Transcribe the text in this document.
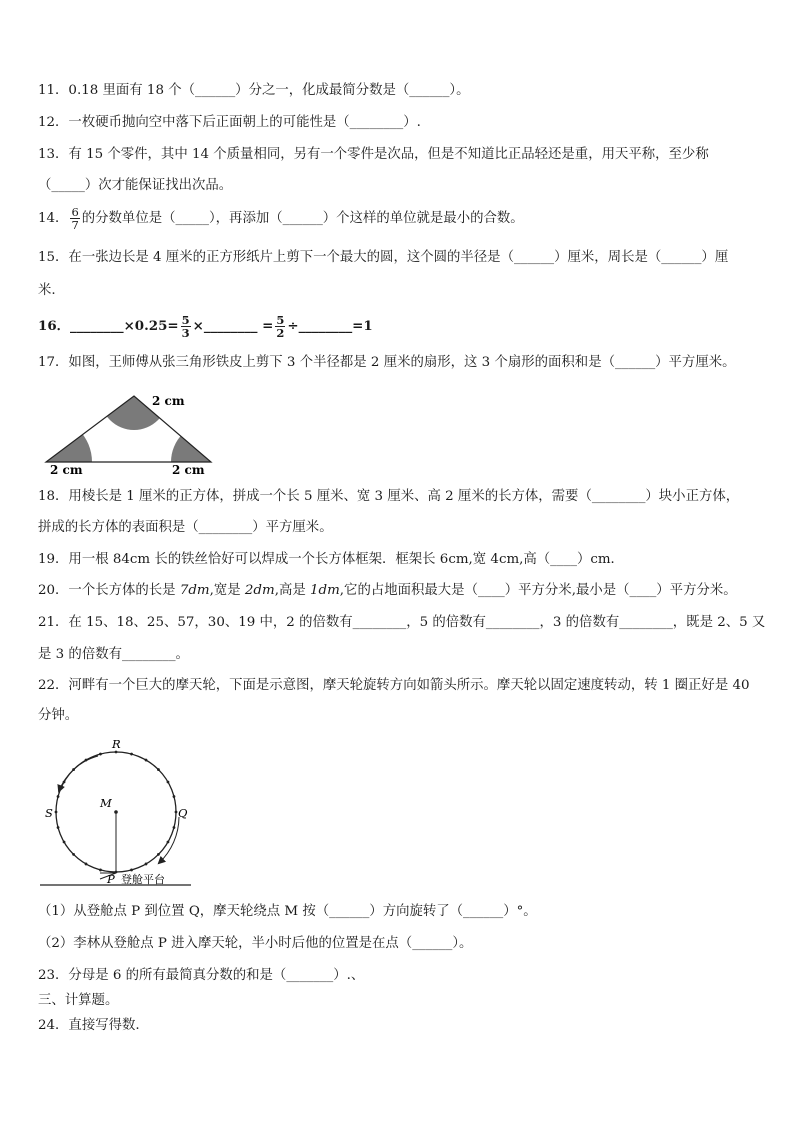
11．0.18 里面有 18 个（______）分之一，化成最简分数是（______）。
12．一枚硬币抛向空中落下后正面朝上的可能性是（________）.
13．有 15 个零件，其中 14 个质量相同，另有一个零件是次品，但是不知道比正品轻还是重，用天平称，至少称
（_____）次才能保证找出次品。
14． $\frac{6}{7}$ 的分数单位是（_____），再添加（______）个这样的单位就是最小的合数。
15．在一张边长是 4 厘米的正方形纸片上剪下一个最大的圆，这个圆的半径是（______）厘米，周长是（______）厘
米.
16．________×0.25= $\frac{5}{3}$ ×________ = $\frac{5}{2}$ ÷________=1
17．如图，王师傅从张三角形铁皮上剪下 3 个半径都是 2 厘米的扇形，这 3 个扇形的面积和是（______）平方厘米。
2 cm
2 cm	2 cm
18．用棱长是 1 厘米的正方体，拼成一个长 5 厘米、宽 3 厘米、高 2 厘米的长方体，需要（________）块小正方体，
拼成的长方体的表面积是（________）平方厘米。
19．用一根 84cm 长的铁丝恰好可以焊成一个长方体框架．框架长 6cm,宽 4cm,高（____）cm．
20．一个长方体的长是 7dm,宽是 2dm,高是 1dm,它的占地面积最大是（____）平方分米,最小是（____）平方分米。
21．在 15、18、25、57，30、19 中，2 的倍数有________，5 的倍数有________，3 的倍数有________，既是 2、5 又
是 3 的倍数有________。
22．河畔有一个巨大的摩天轮，下面是示意图，摩天轮旋转方向如箭头所示。摩天轮以固定速度转动，转 1 圈正好是 40
分钟。
R
S	Q
M
P 登舱平台
（1）从登舱点 P 到位置 Q，摩天轮绕点 M 按（______）方向旋转了（______）°。
（2）李林从登舱点 P 进入摩天轮，半小时后他的位置是在点（______）。
23．分母是 6 的所有最简真分数的和是（_______）.、
三、计算题。
24．直接写得数.
